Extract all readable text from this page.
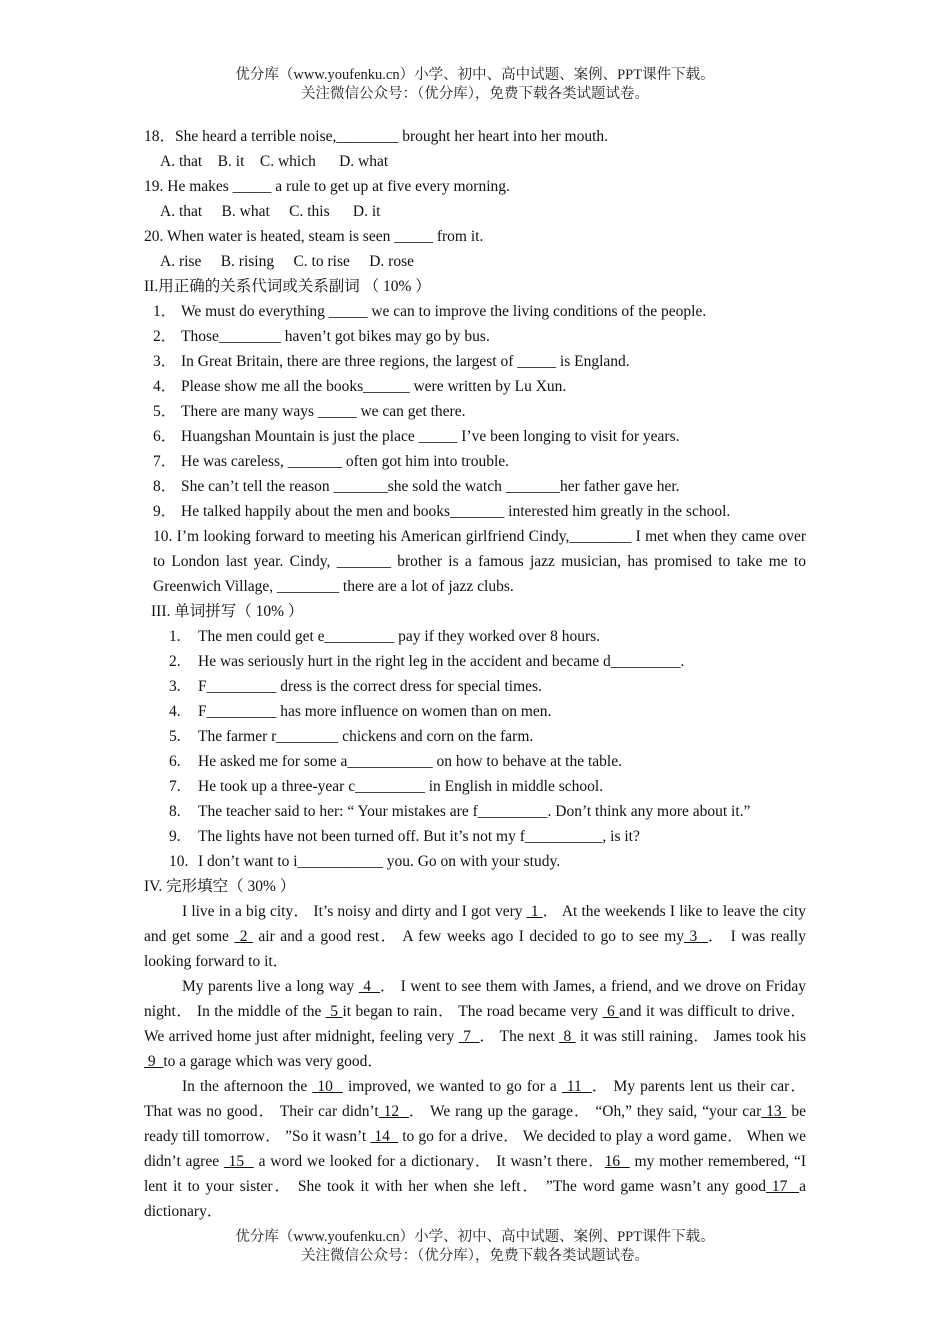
优分库（www.youfenku.cn）小学、初中、高中试题、案例、PPT课件下载。
关注微信公众号：（优分库），免费下载各类试题试卷。
18．She heard a terrible noise,________ brought her heart into her mouth.
A. that    B. it    C. which      D. what
19. He makes _____ a rule to get up at five every morning.
A. that     B. what     C. this      D. it
20. When water is heated, steam is seen _____ from it.
A. rise     B. rising     C. to rise     D. rose
II.用正确的关系代词或关系副词 （ 10% ）
1． We must do everything _____ we can to improve the living conditions of the people.
2． Those________ haven’t got bikes may go by bus.
3． In Great Britain, there are three regions, the largest of _____ is England.
4． Please show me all the books______ were written by Lu Xun.
5． There are many ways _____ we can get there.
6． Huangshan Mountain is just the place _____ I’ve been longing to visit for years.
7． He was careless, _______ often got him into trouble.
8． She can’t tell the reason _______she sold the watch _______her father gave her.
9． He talked happily about the men and books_______ interested him greatly in the school.
10. I’m looking forward to meeting his American girlfriend Cindy,________ I met when they came over to London last year. Cindy, _______ brother is a famous jazz musician, has promised to take me to Greenwich Village, ________ there are a lot of jazz clubs.
III. 单词拼写（ 10% ）
1. The men could get e_________ pay if they worked over 8 hours.
2. He was seriously hurt in the right leg in the accident and became d_________.
3. F_________ dress is the correct dress for special times.
4. F_________ has more influence on women than on men.
5. The farmer r________ chickens and corn on the farm.
6. He asked me for some a___________ on how to behave at the table.
7. He took up a three-year c_________ in English in middle school.
8. The teacher said to her: “ Your mistakes are f_________. Don’t think any more about it.”
9. The lights have not been turned off. But it’s not my f__________, is it?
10. I don’t want to i___________ you. Go on with your study.
IV. 完形填空（ 30% ）
I live in a big city． It’s noisy and dirty and I got very  1 ． At the weekends I like to leave the city and get some  2  air and a good rest． A few weeks ago I decided to go to see my 3  ． I was really looking forward to it．
My parents live a long way  4  ． I went to see them with James, a friend, and we drove on Friday night． In the middle of the  5 it began to rain． The road became very  6 and it was difficult to drive． We arrived home just after midnight, feeling very  7  ． The next  8  it was still raining． James took his  9  to a garage which was very good．
In the afternoon the  10   improved, we wanted to go for a  11  ． My parents lent us their car． That was no good． Their car didn’t 12  ． We rang up the garage． “Oh,” they said, “your car 13  be ready till tomorrow． ”So it wasn’t  14   to go for a drive． We decided to play a word game． When we didn’t agree  15   a word we looked for a dictionary． It wasn’t there．16   my mother remembered, “I lent it to your sister． She took it with her when she left． ”The word game wasn’t any good 17  a dictionary．
优分库（www.youfenku.cn）小学、初中、高中试题、案例、PPT课件下载。
关注微信公众号：（优分库），免费下载各类试题试卷。
